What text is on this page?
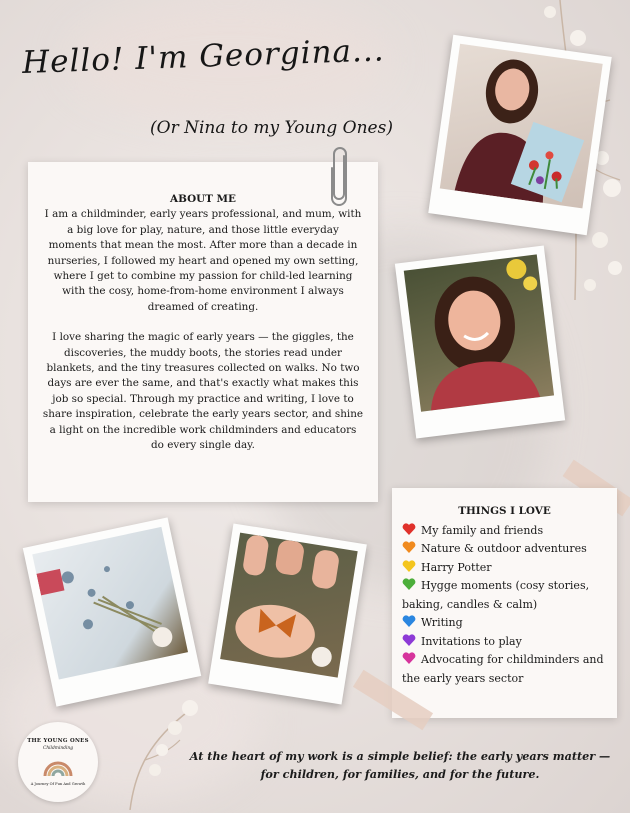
Hello! I'm Georgina...
(Or Nina to my Young Ones)
ABOUT ME

I am a childminder, early years professional, and mum, with a big love for play, nature, and those little everyday moments that mean the most. After more than a decade in nurseries, I followed my heart and opened my own setting, where I get to combine my passion for child-led learning with the cosy, home-from-home environment I always dreamed of creating.

I love sharing the magic of early years — the giggles, the discoveries, the muddy boots, the stories read under blankets, and the tiny treasures collected on walks. No two days are ever the same, and that's exactly what makes this job so special. Through my practice and writing, I love to share inspiration, celebrate the early years sector, and shine a light on the incredible work childminders and educators do every single day.

THINGS I LOVE
My family and friends
Nature & outdoor adventures
Harry Potter
Hygge moments (cosy stories, baking, candles & calm)
Writing
Invitations to play
Advocating for childminders and the early years sector
At the heart of my work is a simple belief: the early years matter —
for children, for families, and for the future.
THE YOUNG ONES
Childminding
A Journey Of Fun And Growth
